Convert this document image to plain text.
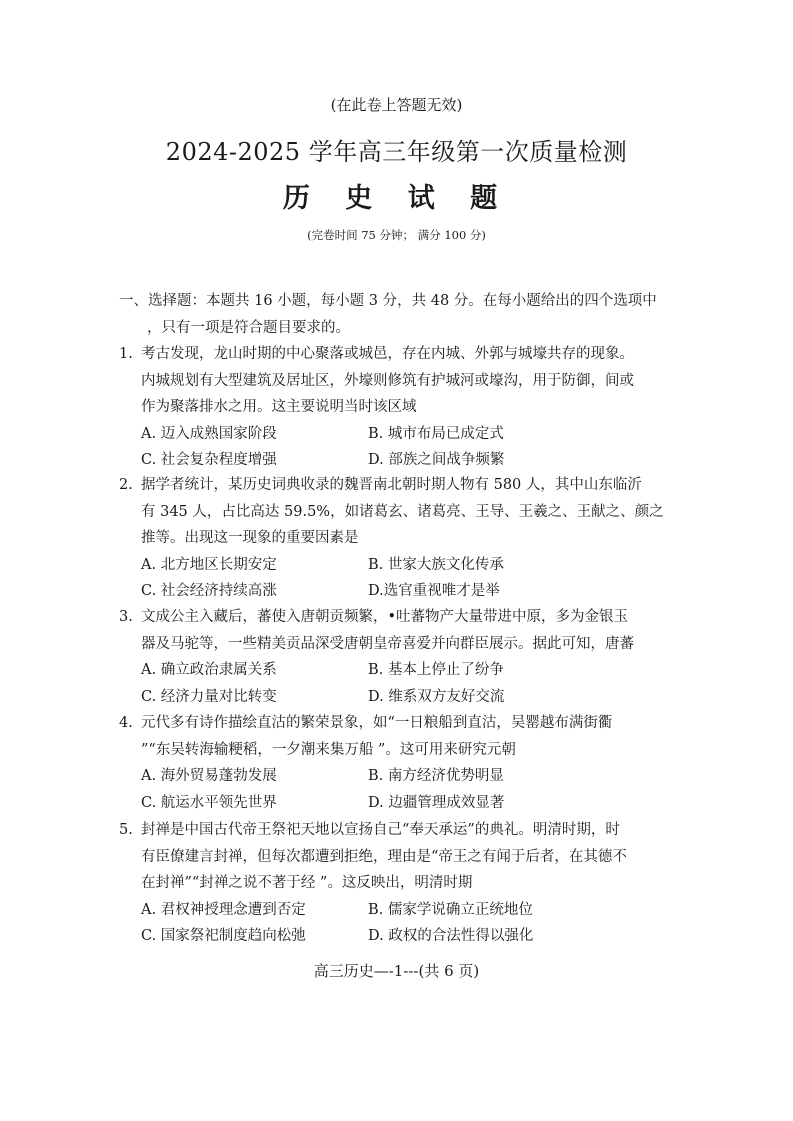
(在此卷上答题无效)
2024-2025 学年高三年级第一次质量检测
历 史 试 题
(完卷时间 75 分钟； 满分 100 分)
一、选择题：本题共 16 小题，每小题 3 分，共 48 分。在每小题给出的四个选项中
，只有一项是符合题目要求的。
1. 考古发现，龙山时期的中心聚落或城邑，存在内城、外郭与城壕共存的现象。
内城规划有大型建筑及居址区，外壕则修筑有护城河或壕沟，用于防御，间或
作为聚落排水之用。这主要说明当时该区域
A. 迈入成熟国家阶段	B. 城市布局已成定式
C. 社会复杂程度增强	D. 部族之间战争频繁
2. 据学者统计，某历史词典收录的魏晋南北朝时期人物有 580 人，其中山东临沂
有 345 人，占比高达 59.5%，如诸葛玄、诸葛亮、王导、王羲之、王献之、颜之
推等。出现这一现象的重要因素是
A. 北方地区长期安定	B. 世家大族文化传承
C. 社会经济持续高涨	D.选官重视唯才是举
3. 文成公主入藏后，蕃使入唐朝贡频繁，•吐蕃物产大量带进中原，多为金银玉
器及马驼等，一些精美贡品深受唐朝皇帝喜爱并向群臣展示。据此可知，唐蕃
A. 确立政治隶属关系	B. 基本上停止了纷争
C. 经济力量对比转变	D. 维系双方友好交流
4. 元代多有诗作描绘直沽的繁荣景象，如“一日粮船到直沽，吴罂越布满街衢
”“东吴转海输粳稻，一夕潮来集万船 ”。这可用来研究元朝
A. 海外贸易蓬勃发展	B. 南方经济优势明显
C. 航运水平领先世界	D. 边疆管理成效显著
5. 封禅是中国古代帝王祭祀天地以宣扬自己“奉天承运”的典礼。明清时期，时
有臣僚建言封禅，但每次都遭到拒绝，理由是“帝王之有闻于后者，在其德不
在封禅”“封禅之说不著于经 ”。这反映出，明清时期
A. 君权神授理念遭到否定	B. 儒家学说确立正统地位
C. 国家祭祀制度趋向松弛	D. 政权的合法性得以强化
高三历史—-1---(共 6 页)
